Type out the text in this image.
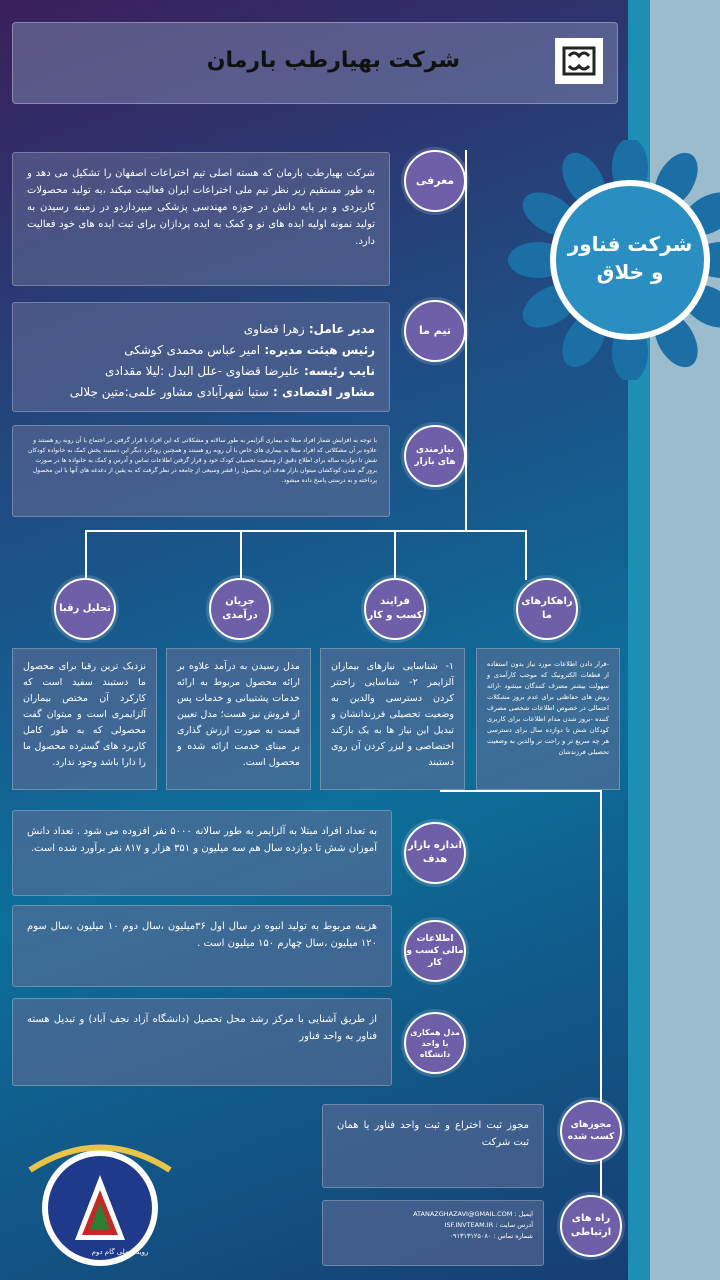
شرکت بهیارطب بارمان
شرکت فناور
و خلاق
شرکت بهیارطب بارمان که هسته اصلی تیم اختراعات اصفهان را تشکیل می دهد و به طور مستقیم زیر نظر تیم ملی اختراعات ایران فعالیت میکند ،به تولید محصولات کاربردی و بر پایه دانش در حوزه مهندسی پزشکی میپردازدو در زمینه رسیدن به تولید نمونه اولیه ایده های نو و کمک به ایده پردازان برای ثبت ایده های خود فعالیت دارد.
معرفی
مدیر عامل: زهرا قضاوی
رئیس هیئت مدیره: امیر عباس محمدی کوشکی
نایب رئیسه: علیرضا قضاوی -علل البدل :لیلا مقدادی
مشاور اقتصادی : ستیا شهرآبادی مشاور علمی:متین جلالی
تیم ما
با توجه به افزایش شمار افراد مبتلا به بیماری آلزایمر به طور سالانه و مشکلاتی که این افراد با قرار گرفتن در اجتماع با آن روبه رو هستند و علاوه بر آن مشکلاتی که افراد مبتلا به بیماری های خاص با آن روبه رو هستند و همچنین زودکرد دیگر این دستبند پخش کمک به خانواده کودکان شش تا دوازده ساله برای اطلاع دقیق از وضعیت تحصیلی کودک خود و قرار گرفتن اطلاعات تماس و آدرس و کمک به خانواده ها در صورت بروز گم شدن کودکشان میتوان بازار هدف این محصول را قشر وسیعی از جامعه در نظر گرفت که به یقین از دغدغه های آنها با این محصول پرداخته و به درستی پاسخ داده میشود.
نیازمندی های بازار
راهکارهای ما
فرایند کسب و کار
جریان درآمدی
تحلیل رقبا
-قرار دادن اطلاعات مورد نیاز بدون استفاده از قطعات الکترونیک که موجب کارآمدی و سهولت بیشتر مصرف کنندگان میشود -ارائه روش های حفاظتی برای عدم بروز مشکلات احتمالی در خصوص اطلاعات شخصی مصرف کننده -بروز شدن مدام اطلاعات برای کاربری کودکان شش تا دوازده سال برای دسترسی هر چه سریع تر و راحت تر والدین به وضعیت تحصیلی فرزندشان
۱- شناسایی نیازهای بیماران آلزایمر ۲- شناسایی راحتتر کردن دسترسی والدین به وضعیت تحصیلی فرزندانشان و تبدیل این نیاز ها به یک بازکند اختصاصی و لیزر کردن آن روی دستبند
مدل رسیدن به درآمد علاوه بر ارائه محصول مربوط به ارائه خدمات پشتیبانی و خدمات پس از فروش نیز هست؛ مدل تعیین قیمت به صورت ارزش گذاری بر مبنای خدمت ارائه شده و محصول است.
نزدیک ترین رقبا برای محصول ما دستبند سفید است که کارکرد آن مختص بیماران آلزایمری است و میتوان گفت محصولی که به طور کامل کاربرد های گسترده محصول ما را دارا باشد وجود ندارد.
به تعداد افراد مبتلا به آلزایمر به طور سالانه ۵۰۰۰ نفر افزوده می شود . تعداد دانش آموزان شش تا دوازده سال هم سه میلیون و ۳۵۱ هزار و ۸۱۷ نفر برآورد شده است.	اندازه بازار هدف
هزینه مربوط به تولید انبوه در سال اول ۳۶میلیون ،سال دوم ۱۰ میلیون ،سال سوم ۱۲۰ میلیون ،سال چهارم ۱۵۰ میلیون است .	اطلاعات مالی کسب و کار
از طریق آشنایی با مرکز رشد محل تحصیل (دانشگاه آزاد نجف آباد) و تبدیل هسته فناور به واحد فناور	مدل همکاری با واحد دانشگاه
مجوز ثبت اختراع و ثبت واحد فناور یا همان ثبت شرکت
مجوزهای کسب شده
ایمیل : ATANAZGHAZAVI@GMAIL.COM
آدرس سایت : ISF.INVTEAM.IR
شماره تماس : ۰۹۱۳۱۳۱۲۵۰۸۰
راه های ارتباطی
رویداد ملی گام دوم
